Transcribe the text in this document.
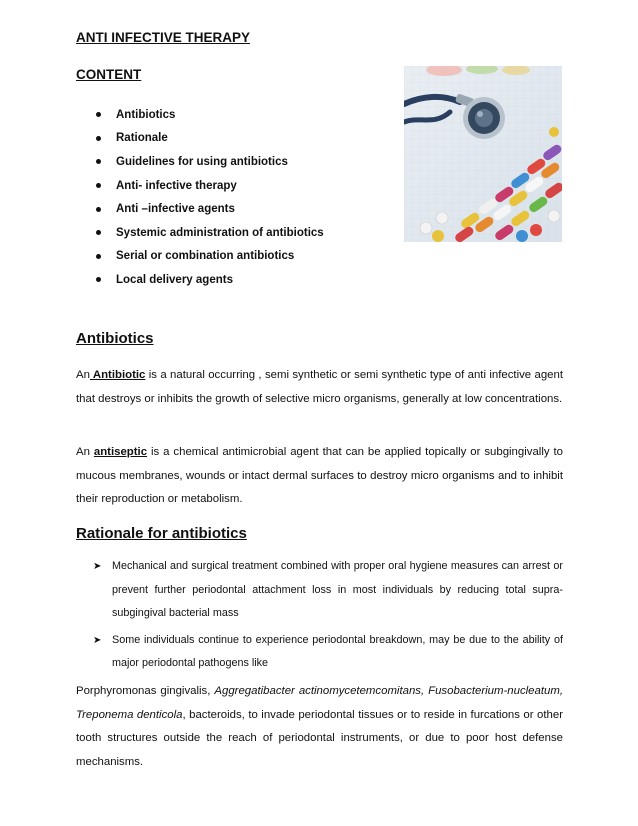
ANTI INFECTIVE THERAPY
CONTENT
Antibiotics
Rationale
Guidelines for using antibiotics
Anti- infective therapy
Anti –infective agents
Systemic administration of antibiotics
Serial or combination antibiotics
Local delivery agents
Antibiotics

An Antibiotic is a natural occurring , semi synthetic or semi synthetic type of anti infective agent that destroys or inhibits the growth of selective micro organisms, generally at low concentrations.

An antiseptic is a chemical antimicrobial agent that can be applied topically or subgingivally to mucous membranes, wounds or intact dermal surfaces to destroy micro organisms and to inhibit their reproduction or metabolism.

Rationale for antibiotics
➤ Mechanical and surgical treatment combined with proper oral hygiene measures can arrest or prevent further periodontal attachment loss in most individuals by reducing total supra-subgingival bacterial mass
➤ Some individuals continue to experience periodontal breakdown, may be due to the ability of major periodontal pathogens like

Porphyromonas gingivalis, Aggregatibacter actinomycetemcomitans, Fusobacterium-nucleatum, Treponema denticola, bacteroids, to invade periodontal tissues or to reside in furcations or other tooth structures outside the reach of periodontal instruments, or due to poor host defense mechanisms.
